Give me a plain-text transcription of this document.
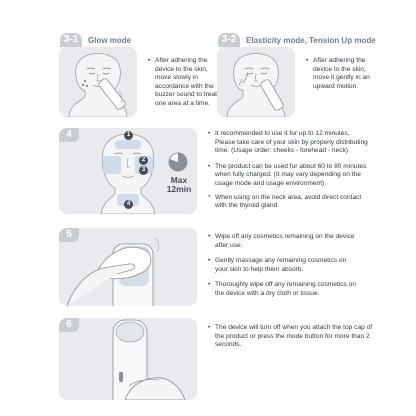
3-1	Glow mode
• After adhering the device to the skin, move slowly in accordance with the buzzer sound to treat one area at a time.
3-2	Elasticity mode, Tension Up mode
• After adhering the device to the skin, move it gently in an upward motion.
1
2
3
4
Max
12min
4	• It recommended to use it for up to 12 minutes, Please take care of your skin by properly distributing time. (Usage order: cheeks - forehead - neck)
• The product can be used for about 60 to 80 minutes when fully charged. (It may vary depending on the usage mode and usage environment)
* When using on the neck area, avoid direct contact with the thyroid gland
5	• Wipe off any cosmetics remaining on the device after use.
• Gently massage any remaining cosmetics on your skin to help them absorb.
• Thoroughly wipe off any remaining cosmetics on the device with a dry cloth or tissue.
6	• The device will turn off when you attach the top cap of the product or press the mode button for more than 2 seconds.
